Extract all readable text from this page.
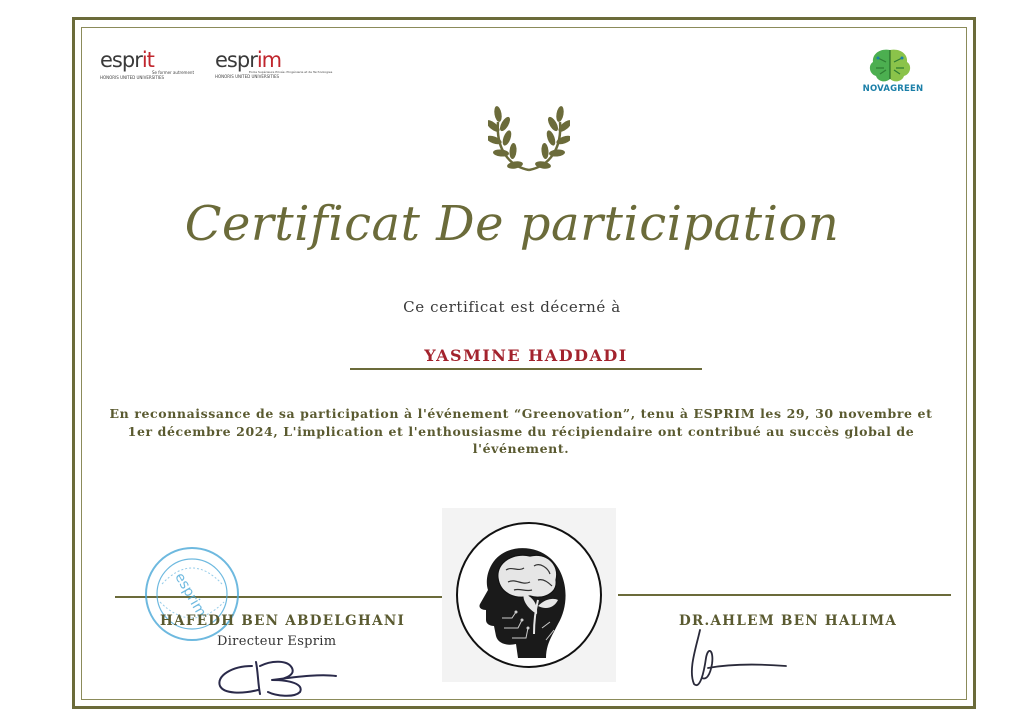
esprit
Se former autrement
HONORIS UNITED UNIVERSITIES
esprim
Ecole Supérieure Privée d'Ingénierie et de Technologies
HONORIS UNITED UNIVERSITIES
NOVAGREEN
Certificat De participation
Ce certificat est décerné à
YASMINE HADDADI
En reconnaissance de sa participation à l'événement “Greenovation”, tenu à ESPRIM les 29, 30 novembre et 1er décembre 2024, L'implication et l'enthousiasme du récipiendaire ont contribué au succès global de l'événement.
esprim
HAFEDH BEN ABDELGHANI
Directeur Esprim
DR.AHLEM BEN HALIMA
